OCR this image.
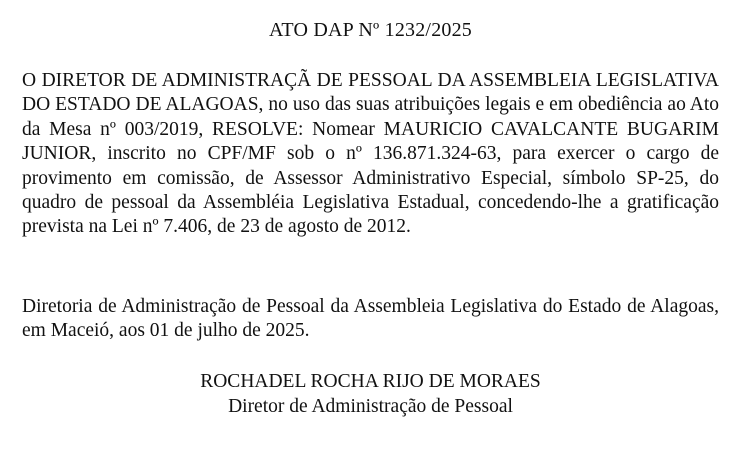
ATO DAP Nº 1232/2025

O DIRETOR DE ADMINISTRAÇÃ DE PESSOAL DA ASSEMBLEIA LEGISLATIVA DO ESTADO DE ALAGOAS, no uso das suas atribuições legais e em obediência ao Ato da Mesa nº 003/2019, RESOLVE: Nomear MAURICIO CAVALCANTE BUGARIM JUNIOR, inscrito no CPF/MF sob o nº 136.871.324-63, para exercer o cargo de provimento em comissão, de Assessor Administrativo Especial, símbolo SP-25, do quadro de pessoal da Assembléia Legislativa Estadual, concedendo-lhe a gratificação prevista na Lei nº 7.406, de 23 de agosto de 2012.

Diretoria de Administração de Pessoal da Assembleia Legislativa do Estado de Alagoas, em Maceió, aos 01 de julho de 2025.

ROCHADEL ROCHA RIJO DE MORAES
Diretor de Administração de Pessoal
